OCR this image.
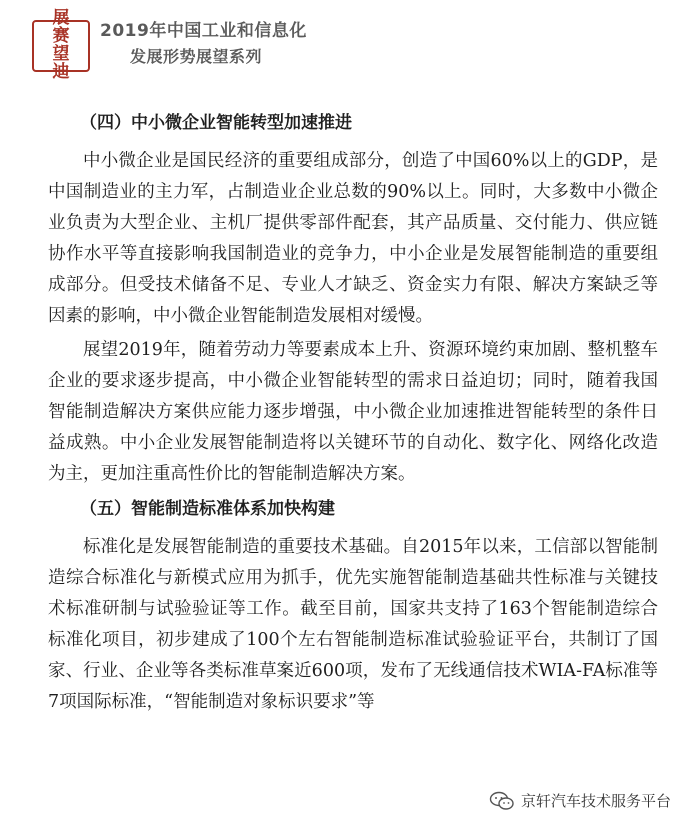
展
赛
望
迪
2019年中国工业和信息化
发展形势展望系列
（四）中小微企业智能转型加速推进

中小微企业是国民经济的重要组成部分，创造了中国60%以上的GDP，是中国制造业的主力军，占制造业企业总数的90%以上。同时，大多数中小微企业负责为大型企业、主机厂提供零部件配套，其产品质量、交付能力、供应链协作水平等直接影响我国制造业的竞争力，中小企业是发展智能制造的重要组成部分。但受技术储备不足、专业人才缺乏、资金实力有限、解决方案缺乏等因素的影响，中小微企业智能制造发展相对缓慢。

展望2019年，随着劳动力等要素成本上升、资源环境约束加剧、整机整车企业的要求逐步提高，中小微企业智能转型的需求日益迫切；同时，随着我国智能制造解决方案供应能力逐步增强，中小微企业加速推进智能转型的条件日益成熟。中小企业发展智能制造将以关键环节的自动化、数字化、网络化改造为主，更加注重高性价比的智能制造解决方案。

（五）智能制造标准体系加快构建

标准化是发展智能制造的重要技术基础。自2015年以来，工信部以智能制造综合标准化与新模式应用为抓手，优先实施智能制造基础共性标准与关键技术标准研制与试验验证等工作。截至目前，国家共支持了163个智能制造综合标准化项目，初步建成了100个左右智能制造标准试验验证平台，共制订了国家、行业、企业等各类标准草案近600项，发布了无线通信技术WIA-FA标准等7项国际标准，“智能制造对象标识要求”等

京轩汽车技术服务平台
